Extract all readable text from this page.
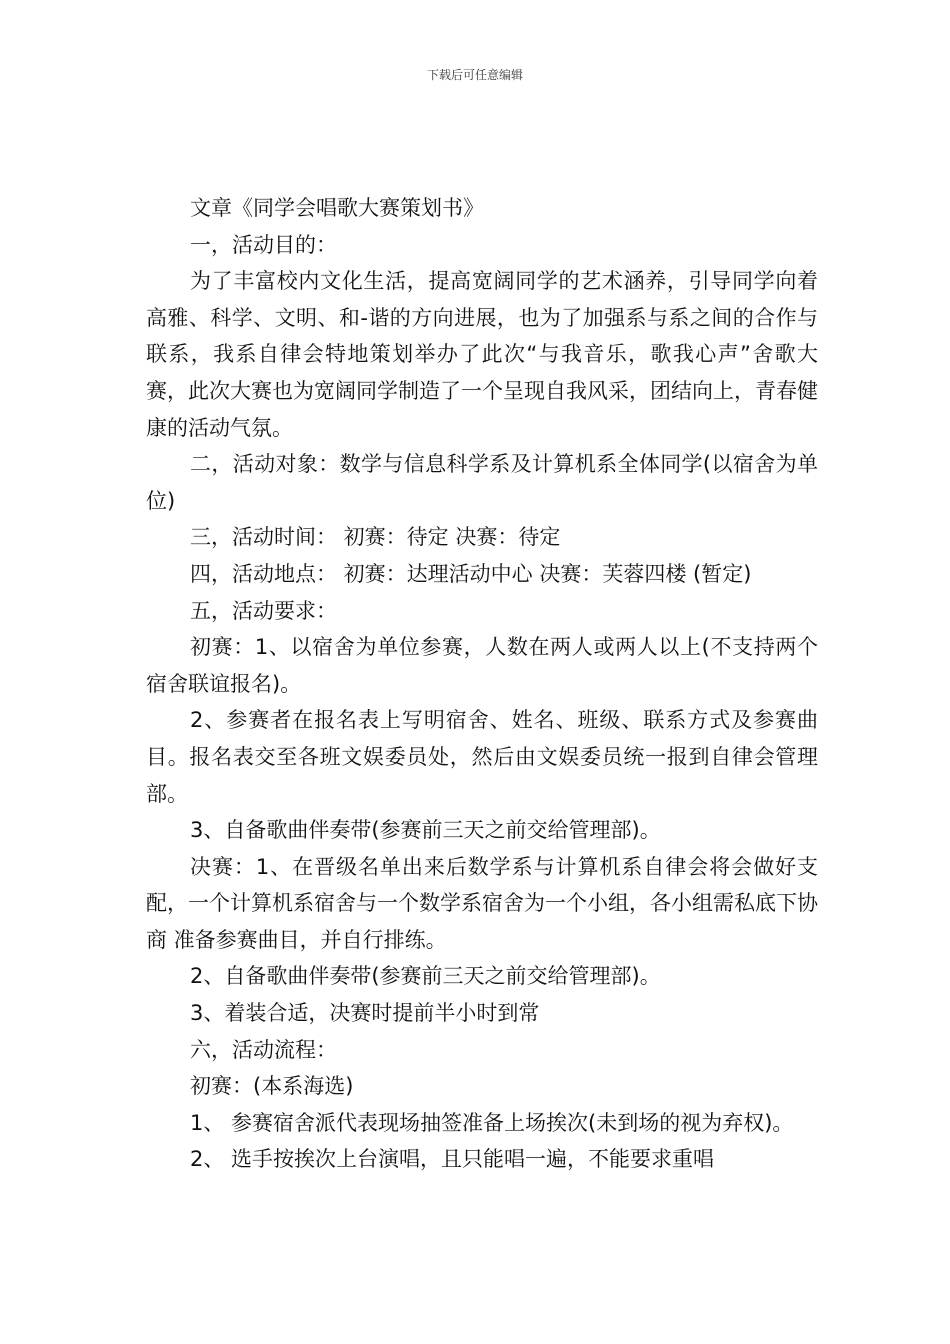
下载后可任意编辑

文章《同学会唱歌大赛策划书》

一，活动目的：

为了丰富校内文化生活，提高宽阔同学的艺术涵养，引导同学向着高雅、科学、文明、和-谐的方向进展，也为了加强系与系之间的合作与联系，我系自律会特地策划举办了此次“与我音乐，歌我心声”舍歌大赛，此次大赛也为宽阔同学制造了一个呈现自我风采，团结向上，青春健康的活动气氛。

二，活动对象：数学与信息科学系及计算机系全体同学(以宿舍为单位)

三，活动时间： 初赛：待定 决赛：待定

四，活动地点： 初赛：达理活动中心 决赛：芙蓉四楼 (暂定)

五，活动要求：

初赛：1、以宿舍为单位参赛，人数在两人或两人以上(不支持两个宿舍联谊报名)。

2、参赛者在报名表上写明宿舍、姓名、班级、联系方式及参赛曲目。报名表交至各班文娱委员处，然后由文娱委员统一报到自律会管理部。

3、自备歌曲伴奏带(参赛前三天之前交给管理部)。

决赛：1、在晋级名单出来后数学系与计算机系自律会将会做好支配，一个计算机系宿舍与一个数学系宿舍为一个小组，各小组需私底下协商 准备参赛曲目，并自行排练。

2、自备歌曲伴奏带(参赛前三天之前交给管理部)。

3、着装合适，决赛时提前半小时到常

六，活动流程：

初赛：(本系海选)

1、 参赛宿舍派代表现场抽签准备上场挨次(未到场的视为弃权)。

2、 选手按挨次上台演唱，且只能唱一遍，不能要求重唱
